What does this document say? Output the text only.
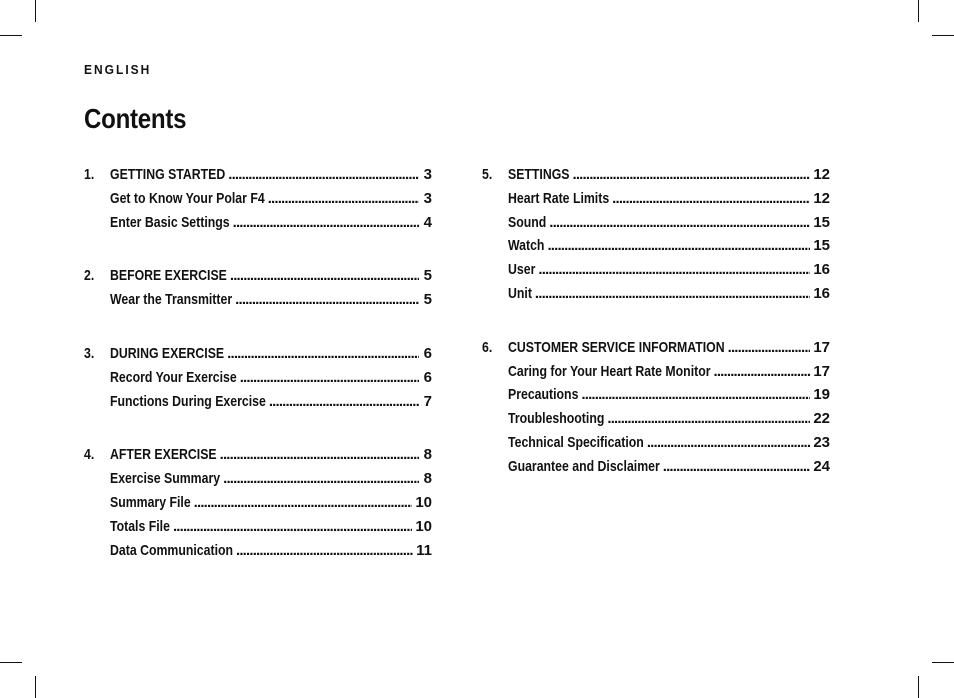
ENGLISH
Contents
1.	GETTING STARTED . . .	3
Get to Know Your Polar F4 . . .	3
Enter Basic Settings . . .	4
2.	BEFORE EXERCISE . . .	5
Wear the Transmitter . . .	5
3.	DURING EXERCISE . . .	6
Record Your Exercise . . .	6
Functions During Exercise . . .	7
4.	AFTER EXERCISE . . .	8
Exercise Summary . . .	8
Summary File . . .	10
Totals File . . .	10
Data Communication . . .	11
5.	SETTINGS . . .	12
Heart Rate Limits . . .	12
Sound . . .	15
Watch . . .	15
User . . .	16
Unit . . .	16
6.	CUSTOMER SERVICE INFORMATION . . .	17
Caring for Your Heart Rate Monitor . . .	17
Precautions . . .	19
Troubleshooting . . .	22
Technical Specification . . .	23
Guarantee and Disclaimer . . .	24
